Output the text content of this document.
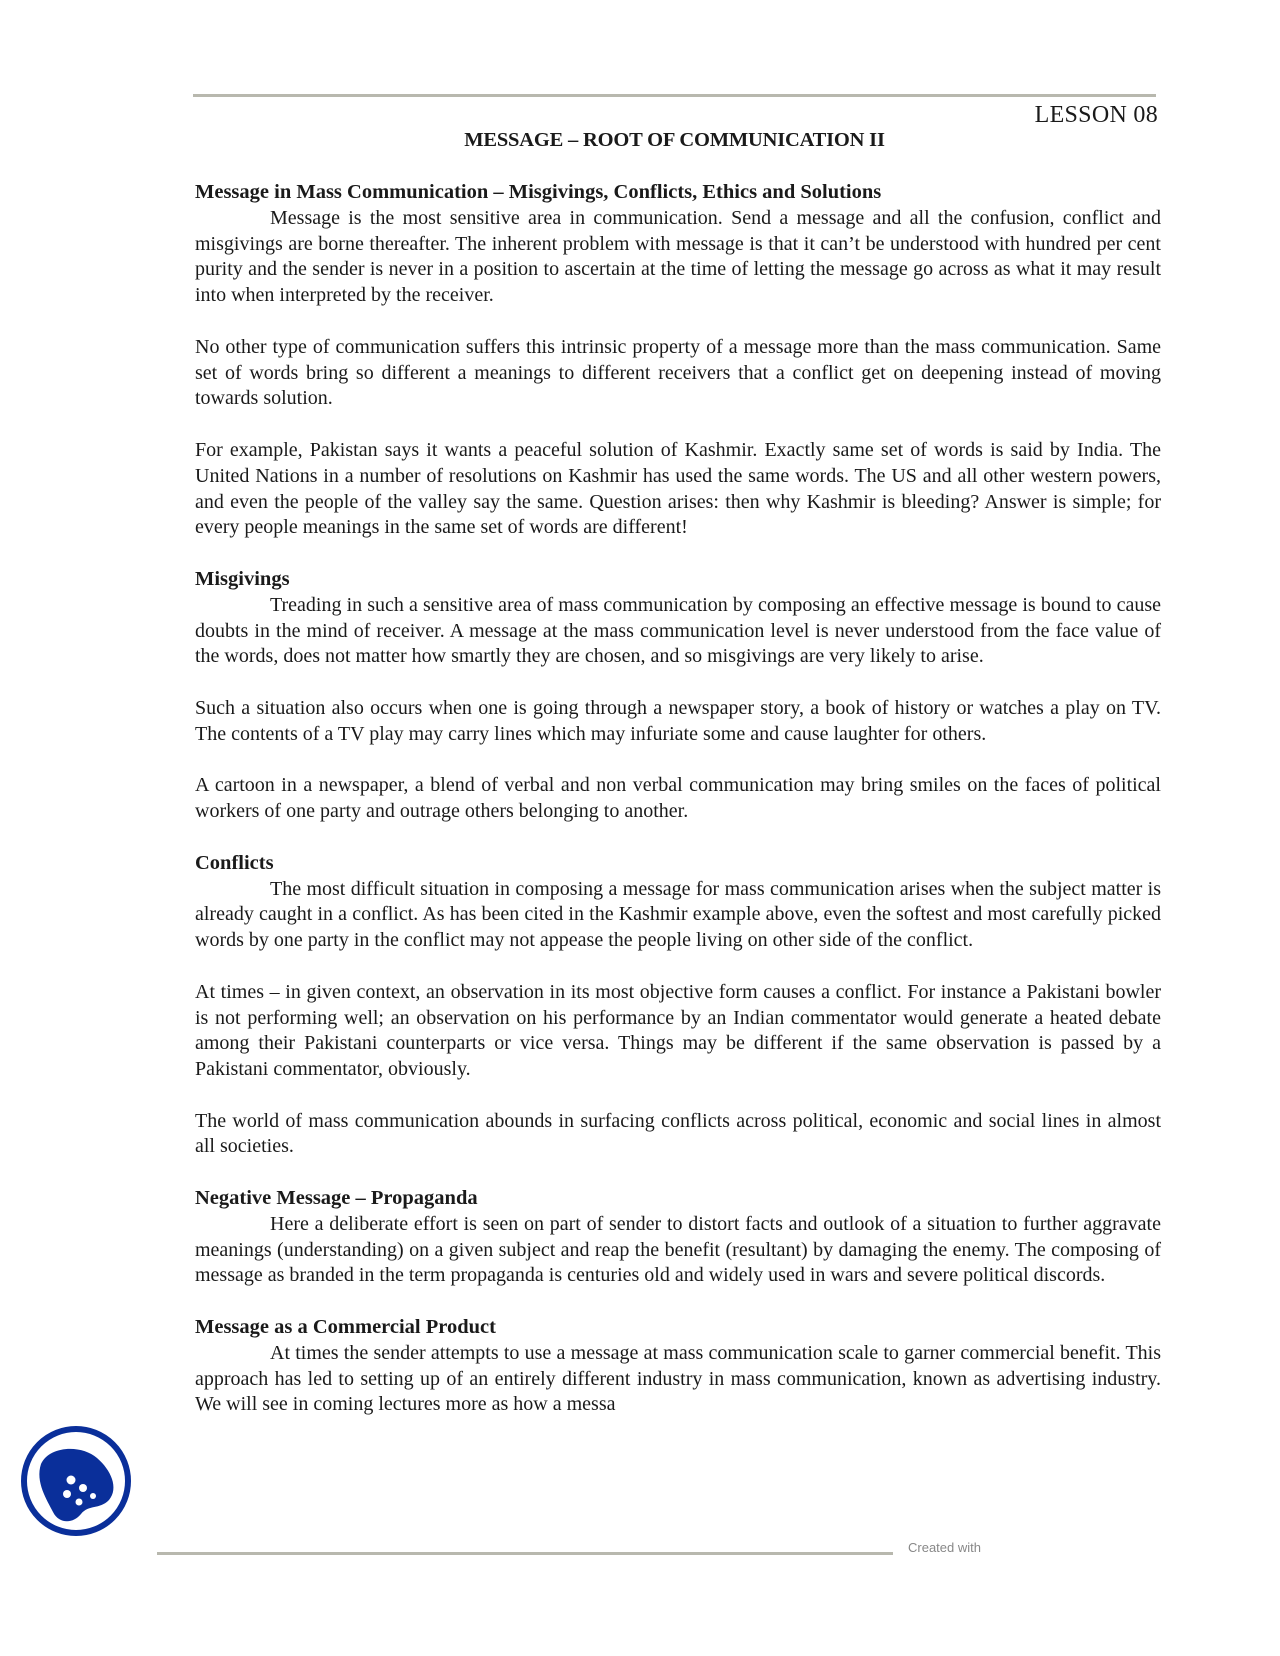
LESSON 08
MESSAGE – ROOT OF COMMUNICATION II
Message in Mass Communication – Misgivings, Conflicts, Ethics and Solutions

Message is the most sensitive area in communication. Send a message and all the confusion, conflict and misgivings are borne thereafter. The inherent problem with message is that it can’t be understood with hundred per cent purity and the sender is never in a position to ascertain at the time of letting the message go across as what it may result into when interpreted by the receiver.

No other type of communication suffers this intrinsic property of a message more than the mass communication. Same set of words bring so different a meanings to different receivers that a conflict get on deepening instead of moving towards solution.

For example, Pakistan says it wants a peaceful solution of Kashmir. Exactly same set of words is said by India. The United Nations in a number of resolutions on Kashmir has used the same words. The US and all other western powers, and even the people of the valley say the same. Question arises: then why Kashmir is bleeding? Answer is simple; for every people meanings in the same set of words are different!

Misgivings

Treading in such a sensitive area of mass communication by composing an effective message is bound to cause doubts in the mind of receiver. A message at the mass communication level is never understood from the face value of the words, does not matter how smartly they are chosen, and so misgivings are very likely to arise.

Such a situation also occurs when one is going through a newspaper story, a book of history or watches a play on TV. The contents of a TV play may carry lines which may infuriate some and cause laughter for others.

A cartoon in a newspaper, a blend of verbal and non verbal communication may bring smiles on the faces of political workers of one party and outrage others belonging to another.

Conflicts

The most difficult situation in composing a message for mass communication arises when the subject matter is already caught in a conflict. As has been cited in the Kashmir example above, even the softest and most carefully picked words by one party in the conflict may not appease the people living on other side of the conflict.

At times – in given context, an observation in its most objective form causes a conflict. For instance a Pakistani bowler is not performing well; an observation on his performance by an Indian commentator would generate a heated debate among their Pakistani counterparts or vice versa. Things may be different if the same observation is passed by a Pakistani commentator, obviously.

The world of mass communication abounds in surfacing conflicts across political, economic and social lines in almost all societies.

Negative Message – Propaganda

Here a deliberate effort is seen on part of sender to distort facts and outlook of a situation to further aggravate meanings (understanding) on a given subject and reap the benefit (resultant) by damaging the enemy. The composing of message as branded in the term propaganda is centuries old and widely used in wars and severe political discords.

Message as a Commercial Product

At times the sender attempts to use a message at mass communication scale to garner commercial benefit. This approach has led to setting up of an entirely different industry in mass communication, known as advertising industry. We will see in coming lectures more as how a messa

Created with
